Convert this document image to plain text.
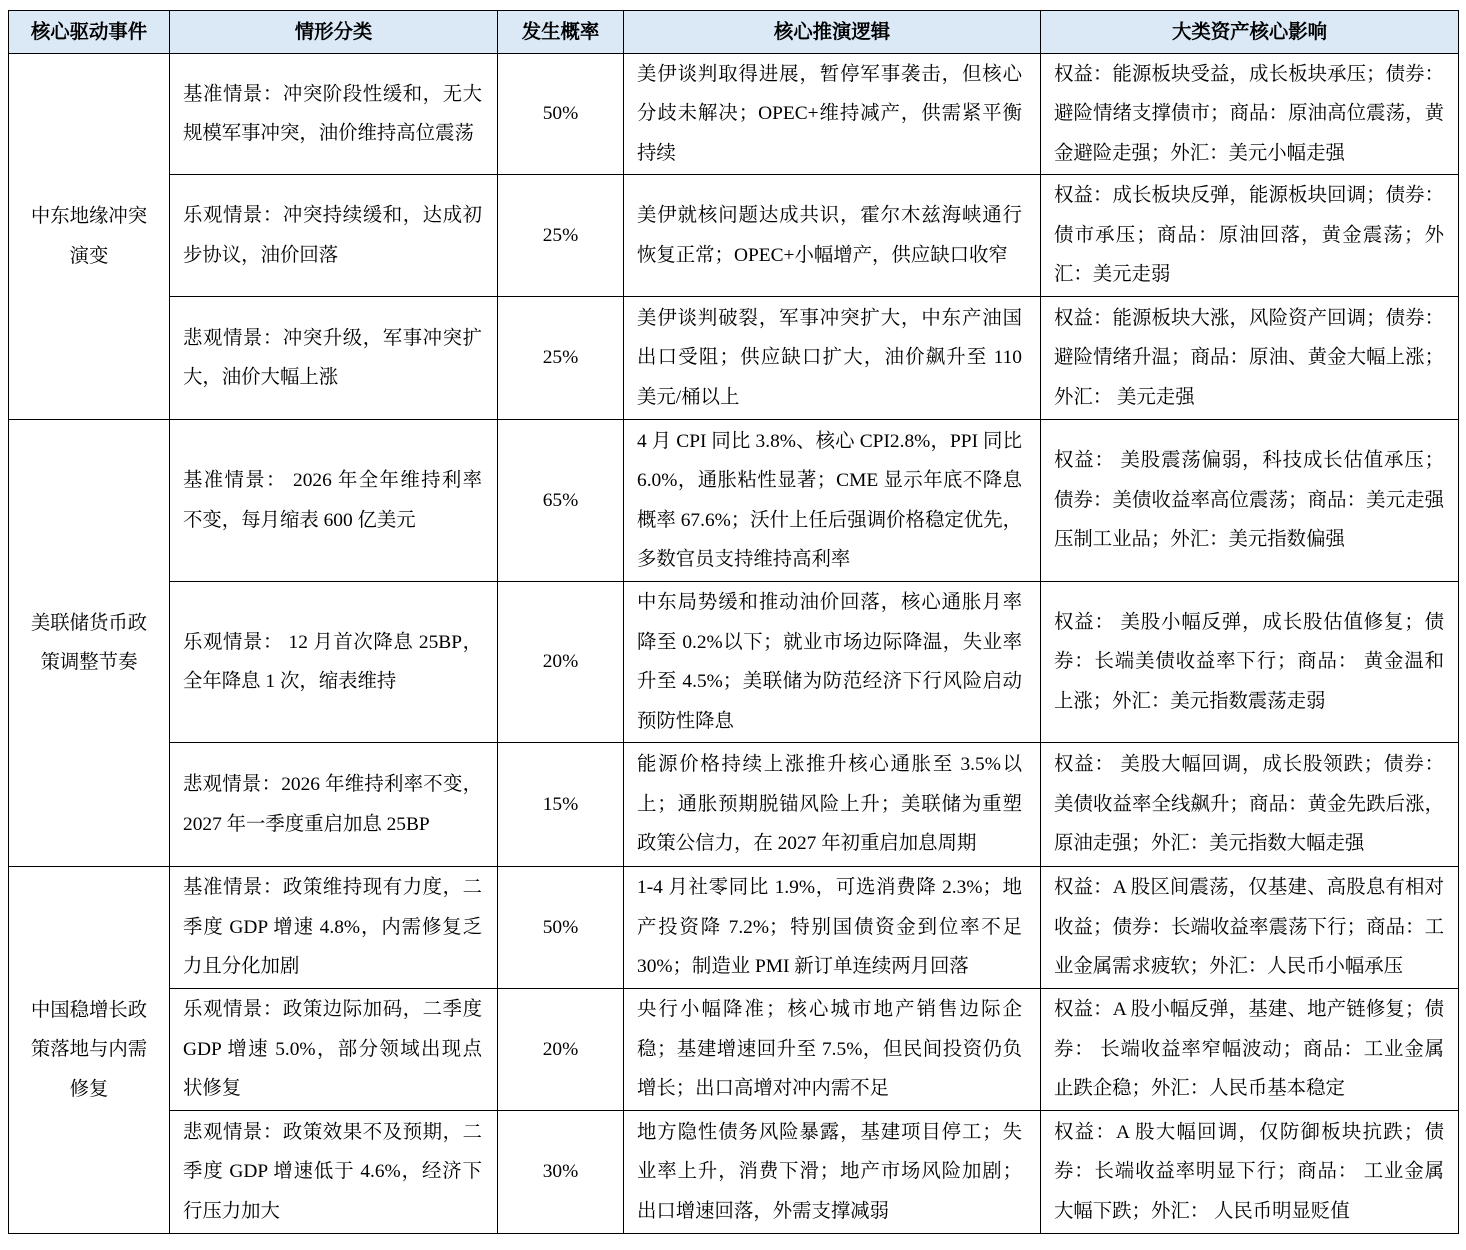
核心驱动事件	情形分类	发生概率	核心推演逻辑	大类资产核心影响
中东地缘冲突演变	基准情景：冲突阶段性缓和，无大规模军事冲突，油价维持高位震荡	50%	美伊谈判取得进展，暂停军事袭击，但核心分歧未解决；OPEC+维持减产，供需紧平衡持续	权益：能源板块受益，成长板块承压；债券：避险情绪支撑债市；商品：原油高位震荡，黄金避险走强；外汇：美元小幅走强
	乐观情景：冲突持续缓和，达成初步协议，油价回落	25%	美伊就核问题达成共识，霍尔木兹海峡通行恢复正常；OPEC+小幅增产，供应缺口收窄	权益：成长板块反弹，能源板块回调；债券：债市承压；商品：原油回落，黄金震荡；外汇：美元走弱
	悲观情景：冲突升级，军事冲突扩大，油价大幅上涨	25%	美伊谈判破裂，军事冲突扩大，中东产油国出口受阻；供应缺口扩大，油价飙升至 110 美元/桶以上	权益：能源板块大涨，风险资产回调；债券：避险情绪升温；商品：原油、黄金大幅上涨；外汇： 美元走强
美联储货币政策调整节奏	基准情景： 2026 年全年维持利率不变，每月缩表 600 亿美元	65%	4 月 CPI 同比 3.8%、核心 CPI2.8%，PPI 同比 6.0%，通胀粘性显著；CME 显示年底不降息概率 67.6%；沃什上任后强调价格稳定优先，多数官员支持维持高利率	权益： 美股震荡偏弱，科技成长估值承压；债券：美债收益率高位震荡；商品：美元走强压制工业品；外汇：美元指数偏强
	乐观情景： 12 月首次降息 25BP，全年降息 1 次，缩表维持	20%	中东局势缓和推动油价回落，核心通胀月率降至 0.2%以下；就业市场边际降温，失业率升至 4.5%；美联储为防范经济下行风险启动预防性降息	权益： 美股小幅反弹，成长股估值修复；债券：长端美债收益率下行；商品： 黄金温和上涨；外汇：美元指数震荡走弱
	悲观情景：2026 年维持利率不变，2027 年一季度重启加息 25BP	15%	能源价格持续上涨推升核心通胀至 3.5%以上；通胀预期脱锚风险上升；美联储为重塑政策公信力，在 2027 年初重启加息周期	权益： 美股大幅回调，成长股领跌；债券：美债收益率全线飙升；商品：黄金先跌后涨，原油走强；外汇：美元指数大幅走强
中国稳增长政策落地与内需修复	基准情景：政策维持现有力度，二季度 GDP 增速 4.8%，内需修复乏力且分化加剧	50%	1-4 月社零同比 1.9%，可选消费降 2.3%；地产投资降 7.2%；特别国债资金到位率不足 30%；制造业 PMI 新订单连续两月回落	权益：A 股区间震荡，仅基建、高股息有相对收益；债券：长端收益率震荡下行；商品：工业金属需求疲软；外汇：人民币小幅承压
	乐观情景：政策边际加码，二季度 GDP 增速 5.0%，部分领域出现点状修复	20%	央行小幅降准；核心城市地产销售边际企稳；基建增速回升至 7.5%，但民间投资仍负增长；出口高增对冲内需不足	权益：A 股小幅反弹，基建、地产链修复；债券： 长端收益率窄幅波动；商品：工业金属止跌企稳；外汇：人民币基本稳定
	悲观情景：政策效果不及预期，二季度 GDP 增速低于 4.6%，经济下行压力加大	30%	地方隐性债务风险暴露，基建项目停工；失业率上升，消费下滑；地产市场风险加剧；出口增速回落，外需支撑减弱	权益：A 股大幅回调，仅防御板块抗跌；债券：长端收益率明显下行；商品： 工业金属大幅下跌；外汇： 人民币明显贬值
